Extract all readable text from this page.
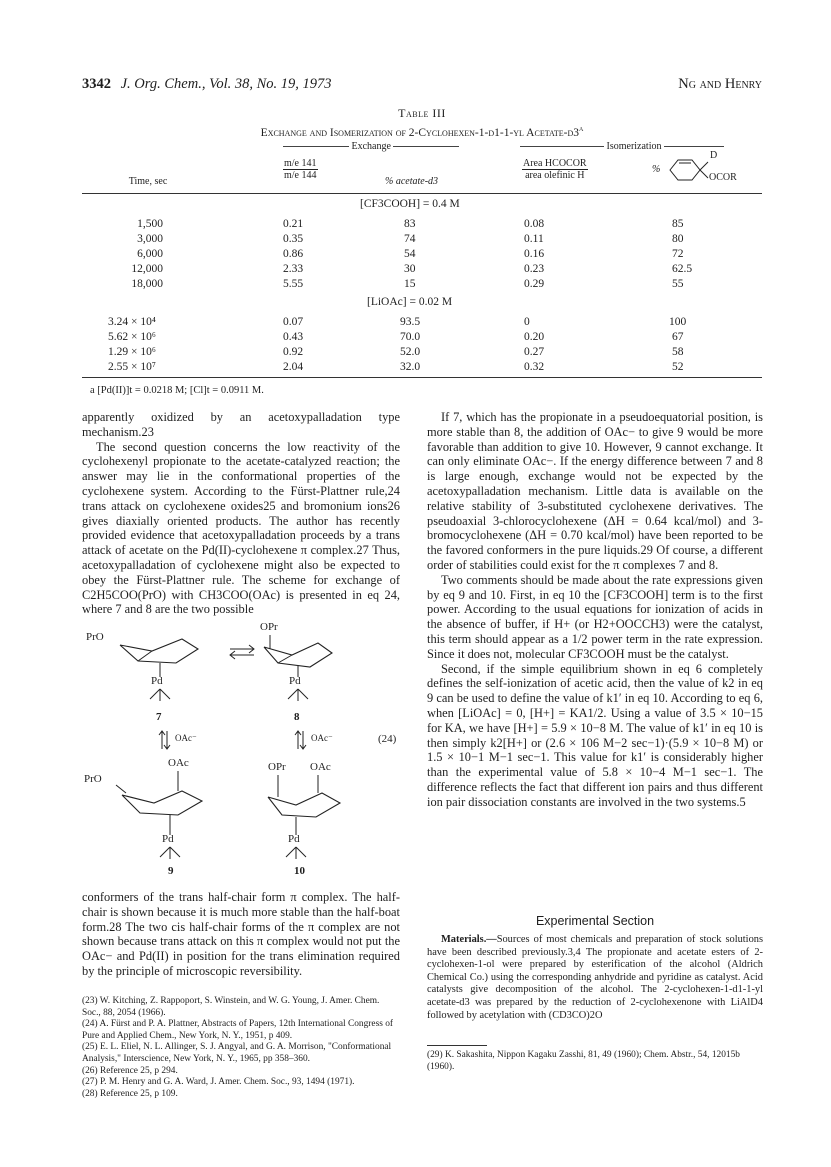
3342 J. Org. Chem., Vol. 38, No. 19, 1973	Ng and Henry
Table III
Exchange and Isomerization of 2-Cyclohexen-1-d1-1-yl Acetate-d3$^a$
Exchange	Isomerization
Time, sec
$\frac{m/e 141}{m/e 144}$
% acetate-d3
$\frac{\text{Area HCOCOR}}{\text{area olefinic H}}$	%
D
OCOR
[CF3COOH] = 0.4 M
1,500	0.21	83	0.08	85
3,000	0.35	74	0.11	80
6,000	0.86	54	0.16	72
12,000	2.33	30	0.23	62.5
18,000	5.55	15	0.29	55
[LiOAc] = 0.02 M
3.24 × 10⁴	0.07	93.5	0	100
5.62 × 10⁶	0.43	70.0	0.20	67
1.29 × 10⁶	0.92	52.0	0.27	58
2.55 × 10⁷	2.04	32.0	0.32	52
a [Pd(II)]t = 0.0218 M; [Cl]t = 0.0911 M.

apparently oxidized by an acetoxypalladation type mechanism.23

The second question concerns the low reactivity of the cyclohexenyl propionate to the acetate-catalyzed reaction; the answer may lie in the conformational properties of the cyclohexene system. According to the Fürst-Plattner rule,24 trans attack on cyclohexene oxides25 and bromonium ions26 gives diaxially oriented products. The author has recently provided evidence that acetoxypalladation proceeds by a trans attack of acetate on the Pd(II)-cyclohexene π complex.27 Thus, acetoxypalladation of cyclohexene might also be expected to obey the Fürst-Plattner rule. The scheme for exchange of C2H5COO(PrO) with CH3COO(OAc) is presented in eq 24, where 7 and 8 are the two possible

PrO
OPr
Pd	Pd
7	8
OAc⁻	OAc⁻
OAc	OPr OAc
PrO
Pd	Pd
9	10
(24)

conformers of the trans half-chair form π complex. The half-chair is shown because it is much more stable than the half-boat form.28 The two cis half-chair forms of the π complex are not shown because trans attack on this π complex would not put the OAc− and Pd(II) in position for the trans elimination required by the principle of microscopic reversibility.

(23) W. Kitching, Z. Rappoport, S. Winstein, and W. G. Young, J. Amer. Chem. Soc., 88, 2054 (1966).
(24) A. Fürst and P. A. Plattner, Abstracts of Papers, 12th International Congress of Pure and Applied Chem., New York, N. Y., 1951, p 409.
(25) E. L. Eliel, N. L. Allinger, S. J. Angyal, and G. A. Morrison, "Conformational Analysis," Interscience, New York, N. Y., 1965, pp 358–360.
(26) Reference 25, p 294.
(27) P. M. Henry and G. A. Ward, J. Amer. Chem. Soc., 93, 1494 (1971).
(28) Reference 25, p 109.

If 7, which has the propionate in a pseudoequatorial position, is more stable than 8, the addition of OAc− to give 9 would be more favorable than addition to give 10. However, 9 cannot exchange. It can only eliminate OAc−. If the energy difference between 7 and 8 is large enough, exchange would not be expected by the acetoxypalladation mechanism. Little data is available on the relative stability of 3-substituted cyclohexene derivatives. The pseudoaxial 3-chlorocyclohexene (ΔH = 0.64 kcal/mol) and 3-bromocyclohexene (ΔH = 0.70 kcal/mol) have been reported to be the favored conformers in the pure liquids.29 Of course, a different order of stabilities could exist for the π complexes 7 and 8.

Two comments should be made about the rate expressions given by eq 9 and 10. First, in eq 10 the [CF3COOH] term is to the first power. According to the usual equations for ionization of acids in the absence of buffer, if H+ (or H2+OOCCH3) were the catalyst, this term should appear as a 1/2 power term in the rate expression. Since it does not, molecular CF3COOH must be the catalyst.

Second, if the simple equilibrium shown in eq 6 completely defines the self-ionization of acetic acid, then the value of k2 in eq 9 can be used to define the value of k1′ in eq 10. According to eq 6, when [LiOAc] = 0, [H+] = KA1/2. Using a value of 3.5 × 10−15 for KA, we have [H+] = 5.9 × 10−8 M. The value of k1′ in eq 10 is then simply k2[H+] or (2.6 × 106 M−2 sec−1)·(5.9 × 10−8 M) or 1.5 × 10−1 M−1 sec−1. This value for k1′ is considerably higher than the experimental value of 5.8 × 10−4 M−1 sec−1. The difference reflects the fact that different ion pairs and thus different ion pair dissociation constants are involved in the two systems.5

Experimental Section

Materials.—Sources of most chemicals and preparation of stock solutions have been described previously.3,4 The propionate and acetate esters of 2-cyclohexen-1-ol were prepared by esterification of the alcohol (Aldrich Chemical Co.) using the corresponding anhydride and pyridine as catalyst. Acid catalysts give decomposition of the alcohol. The 2-cyclohexen-1-d1-1-yl acetate-d3 was prepared by the reduction of 2-cyclohexenone with LiAlD4 followed by acetylation with (CD3CO)2O

(29) K. Sakashita, Nippon Kagaku Zasshi, 81, 49 (1960); Chem. Abstr., 54, 12015b (1960).
